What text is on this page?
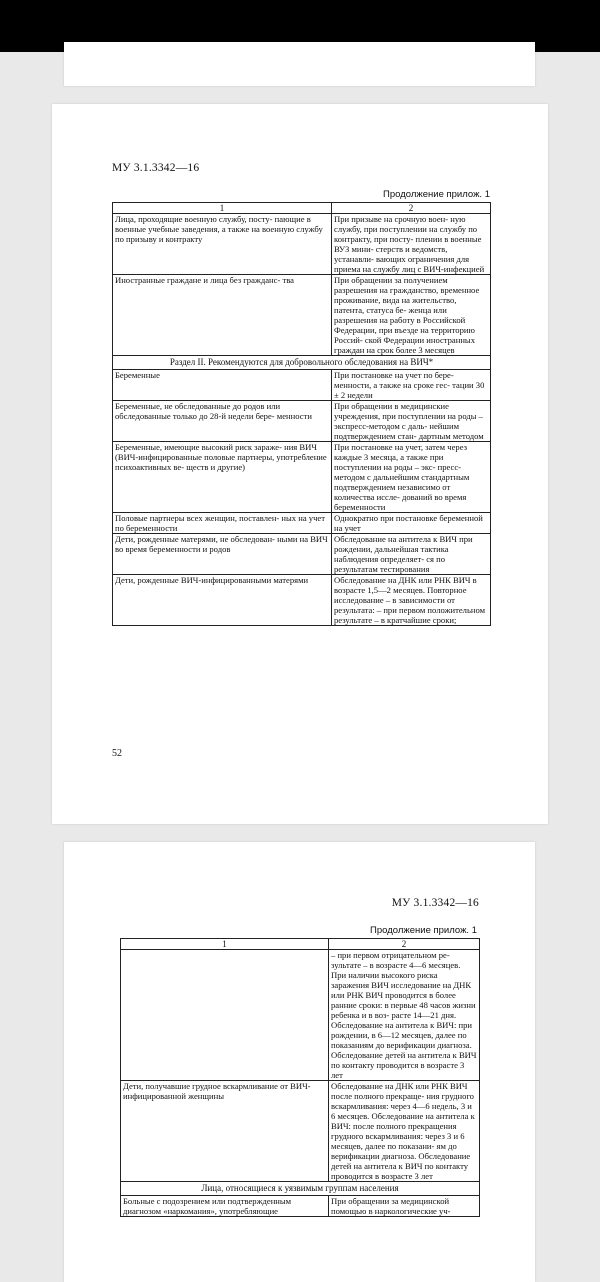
МУ 3.1.3342—16
Продолжение прилож. 1
1	2
Лица, проходящие военную службу, посту- пающие в военные учебные заведения, а также на военную службу по призыву и контракту	При призыве на срочную воен- ную службу, при поступлении на службу по контракту, при посту- плении в военные ВУЗ мини- стерств и ведомств, устанавли- вающих ограничения для приема на службу лиц с ВИЧ-инфекцией
Иностранные граждане и лица без гражданс- тва	При обращении за получением разрешения на гражданство, временное проживание, вида на жительство, патента, статуса бе- женца или разрешения на работу в Российской Федерации, при въезде на территорию Россий- ской Федерации иностранных граждан на срок более 3 месяцев
Раздел II. Рекомендуются для добровольного обследования на ВИЧ*	
Беременные	При постановке на учет по бере- менности, а также на сроке гес- тации 30 ± 2 недели
Беременные, не обследованные до родов или обследованные только до 28-й недели бере- менности	При обращении в медицинские учреждения, при поступлении на роды – экспресс-методом с даль- нейшим подтверждением стан- дартным методом
Беременные, имеющие высокий риск зараже- ния ВИЧ (ВИЧ-инфицированные половые партнеры, употребление психоактивных ве- ществ и другие)	При постановке на учет, затем через каждые 3 месяца, а также при поступлении на роды – экс- пресс-методом с дальнейшим стандартным подтверждением независимо от количества иссле- дований во время беременности
Половые партнеры всех женщин, поставлен- ных на учет по беременности	Однократно при постановке беременной на учет
Дети, рожденные матерями, не обследован- ными на ВИЧ во время беременности и родов	Обследование на антитела к ВИЧ при рождении, дальнейшая тактика наблюдения определяет- ся по результатам тестирования
Дети, рожденные ВИЧ-инфицированными матерями	Обследование на ДНК или РНК ВИЧ в возрасте 1,5—2 месяцев. Повторное исследование – в зависимости от результата: – при первом положительном результате – в кратчайшие сроки;
52
МУ 3.1.3342—16
Продолжение прилож. 1
1	2
	– при первом отрицательном ре- зультате – в возрасте 4—6 месяцев. При наличии высокого риска заражения ВИЧ исследование на ДНК или РНК ВИЧ проводится в более ранние сроки: в первые 48 часов жизни ребенка и в воз- расте 14—21 дня. Обследование на антитела к ВИЧ: при рождении, в 6—12 месяцев, далее по показаниям до верификации диагноза. Обследование детей на антитела к ВИЧ по контакту проводится в возрасте 3 лет
Дети, получавшие грудное вскармливание от ВИЧ-инфицированной женщины	Обследование на ДНК или РНК ВИЧ после полного прекраще- ния грудного вскармливания: через 4—6 недель, 3 и 6 месяцев. Обследование на антитела к ВИЧ: после полного прекращения грудного вскармливания: через 3 и 6 месяцев, далее по показани- ям до верификации диагноза. Обследование детей на антитела к ВИЧ по контакту проводится в возрасте 3 лет
Лица, относящиеся к уязвимым группам населения	
Больные с подозрением или подтвержденным диагнозом «наркомания», употребляющие	При обращении за медицинской помощью в наркологические уч-
